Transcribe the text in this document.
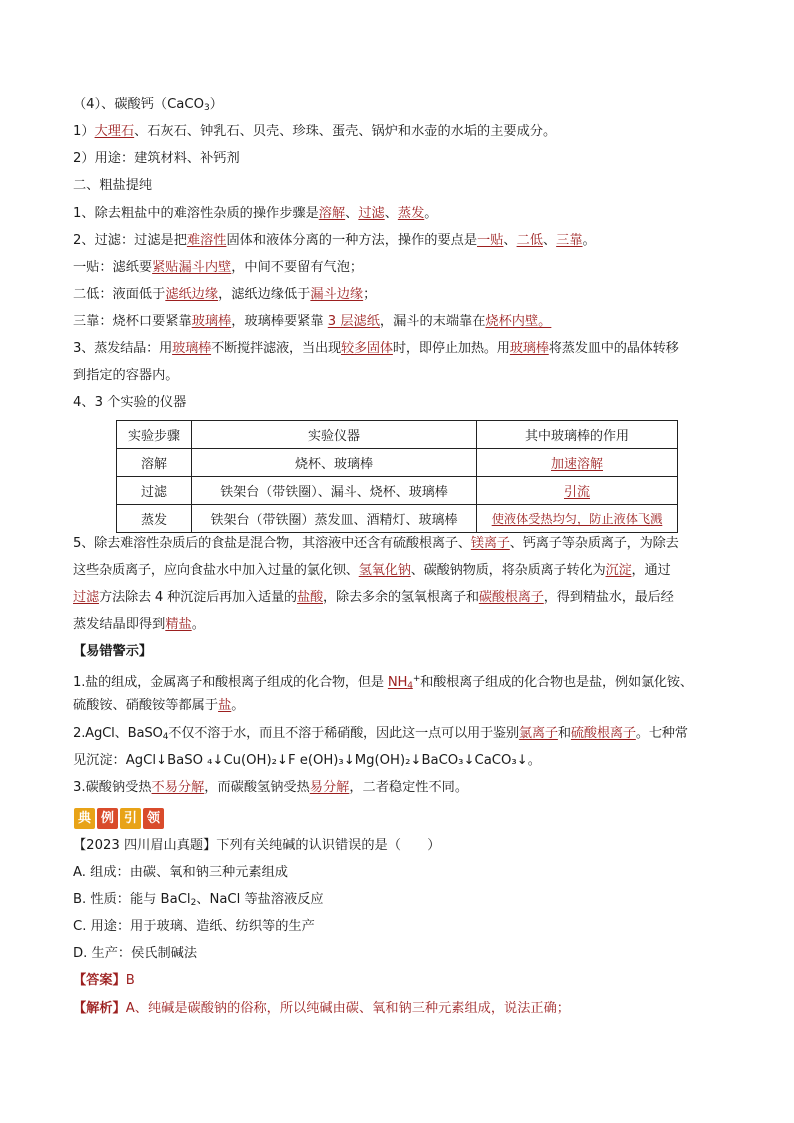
（4）、碳酸钙（CaCO$_3$）
1）大理石、石灰石、钟乳石、贝壳、珍珠、蛋壳、锅炉和水壶的水垢的主要成分。
2）用途：建筑材料、补钙剂
二、粗盐提纯
1、除去粗盐中的难溶性杂质的操作步骤是溶解、过滤、蒸发。
2、过滤：过滤是把难溶性固体和液体分离的一种方法，操作的要点是一贴、二低、三靠。
一贴：滤纸要紧贴漏斗内壁，中间不要留有气泡；
二低：液面低于滤纸边缘，滤纸边缘低于漏斗边缘；
三靠：烧杯口要紧靠玻璃棒，玻璃棒要紧靠 3 层滤纸，漏斗的末端靠在烧杯内壁。
3、蒸发结晶：用玻璃棒不断搅拌滤液，当出现较多固体时，即停止加热。用玻璃棒将蒸发皿中的晶体转移
到指定的容器内。
4、3 个实验的仪器
实验步骤	实验仪器	其中玻璃棒的作用
溶解	烧杯、玻璃棒	加速溶解
过滤	铁架台（带铁圈）、漏斗、烧杯、玻璃棒	引流
蒸发	铁架台（带铁圈）蒸发皿、酒精灯、玻璃棒	使液体受热均匀，防止液体飞溅
5、除去难溶性杂质后的食盐是混合物，其溶液中还含有硫酸根离子、镁离子、钙离子等杂质离子，为除去
这些杂质离子，应向食盐水中加入过量的氯化钡、氢氧化钠、碳酸钠物质，将杂质离子转化为沉淀，通过
过滤方法除去 4 种沉淀后再加入适量的盐酸，除去多余的氢氧根离子和碳酸根离子，得到精盐水，最后经
蒸发结晶即得到精盐。
【易错警示】
1.盐的组成，金属离子和酸根离子组成的化合物，但是 $NH_4^+$和酸根离子组成的化合物也是盐，例如氯化铵、
硫酸铵、硝酸铵等都属于盐。
2.AgCl、BaSO$_4$不仅不溶于水，而且不溶于稀硝酸，因此这一点可以用于鉴别氯离子和硫酸根离子。七种常
见沉淀：AgCl↓BaSO ₄↓Cu(OH)₂↓F e(OH)₃↓Mg(OH)₂↓BaCO₃↓CaCO₃↓。
3.碳酸钠受热不易分解，而碳酸氢钠受热易分解，二者稳定性不同。
典 例 引 领
【2023 四川眉山真题】下列有关纯碱的认识错误的是（　　）
A. 组成：由碳、氧和钠三种元素组成
B. 性质：能与 BaCl$_2$、NaCl 等盐溶液反应
C. 用途：用于玻璃、造纸、纺织等的生产
D. 生产：侯氏制碱法
【答案】B
【解析】A、纯碱是碳酸钠的俗称，所以纯碱由碳、氧和钠三种元素组成，说法正确；
